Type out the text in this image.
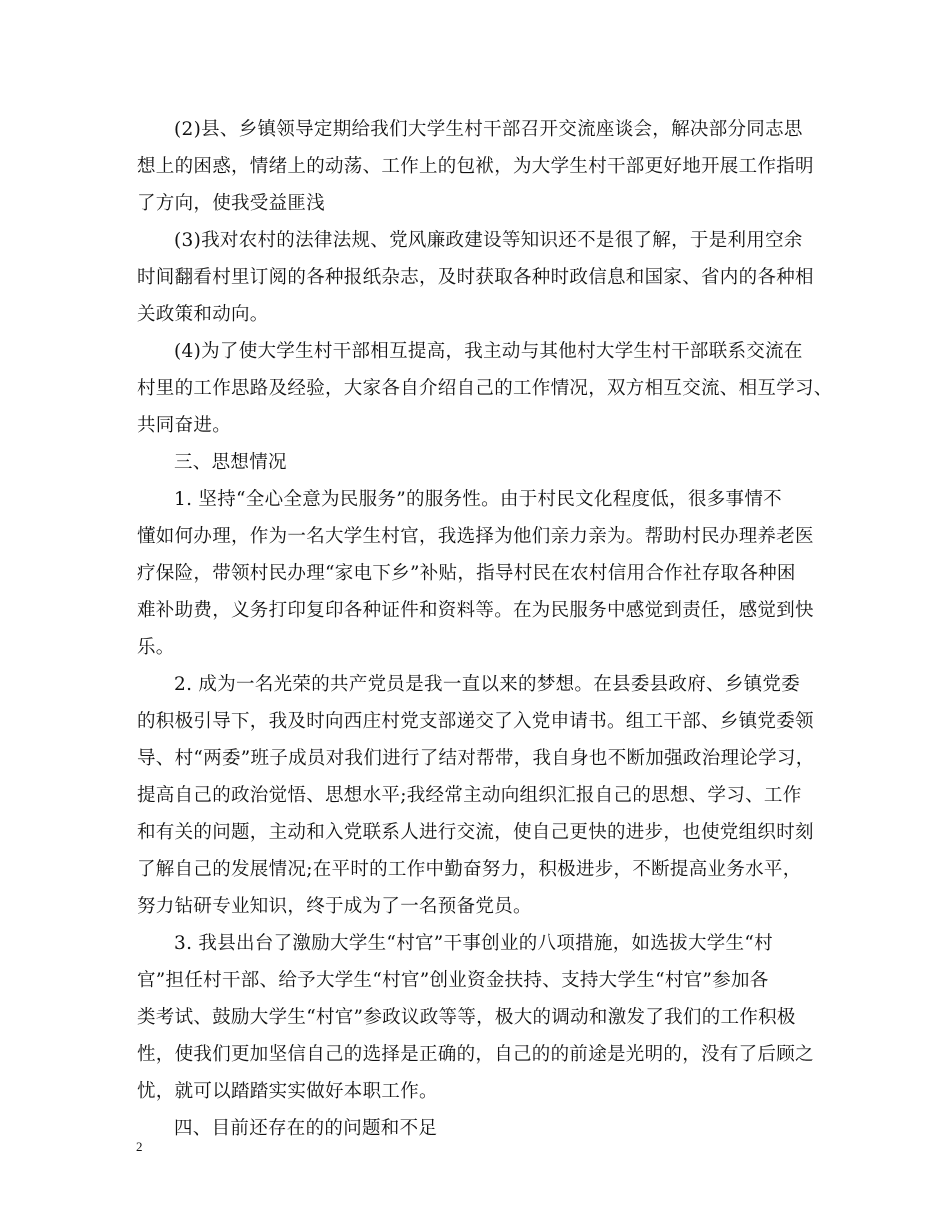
(2)县、乡镇领导定期给我们大学生村干部召开交流座谈会，解决部分同志思
想上的困惑，情绪上的动荡、工作上的包袱，为大学生村干部更好地开展工作指明
了方向，使我受益匪浅
(3)我对农村的法律法规、党风廉政建设等知识还不是很了解，于是利用空余
时间翻看村里订阅的各种报纸杂志，及时获取各种时政信息和国家、省内的各种相
关政策和动向。
(4)为了使大学生村干部相互提高，我主动与其他村大学生村干部联系交流在
村里的工作思路及经验，大家各自介绍自己的工作情况，双方相互交流、相互学习、
共同奋进。
三、思想情况
1. 坚持“全心全意为民服务”的服务性。由于村民文化程度低，很多事情不
懂如何办理，作为一名大学生村官，我选择为他们亲力亲为。帮助村民办理养老医
疗保险，带领村民办理“家电下乡”补贴，指导村民在农村信用合作社存取各种困
难补助费，义务打印复印各种证件和资料等。在为民服务中感觉到责任，感觉到快
乐。
2. 成为一名光荣的共产党员是我一直以来的梦想。在县委县政府、乡镇党委
的积极引导下，我及时向西庄村党支部递交了入党申请书。组工干部、乡镇党委领
导、村“两委”班子成员对我们进行了结对帮带，我自身也不断加强政治理论学习，
提高自己的政治觉悟、思想水平;我经常主动向组织汇报自己的思想、学习、工作
和有关的问题，主动和入党联系人进行交流，使自己更快的进步，也使党组织时刻
了解自己的发展情况;在平时的工作中勤奋努力，积极进步，不断提高业务水平，
努力钻研专业知识，终于成为了一名预备党员。
3. 我县出台了激励大学生“村官”干事创业的八项措施，如选拔大学生“村
官”担任村干部、给予大学生“村官”创业资金扶持、支持大学生“村官”参加各
类考试、鼓励大学生“村官”参政议政等等，极大的调动和激发了我们的工作积极
性，使我们更加坚信自己的选择是正确的，自己的的前途是光明的，没有了后顾之
忧，就可以踏踏实实做好本职工作。
四、目前还存在的的问题和不足
2
